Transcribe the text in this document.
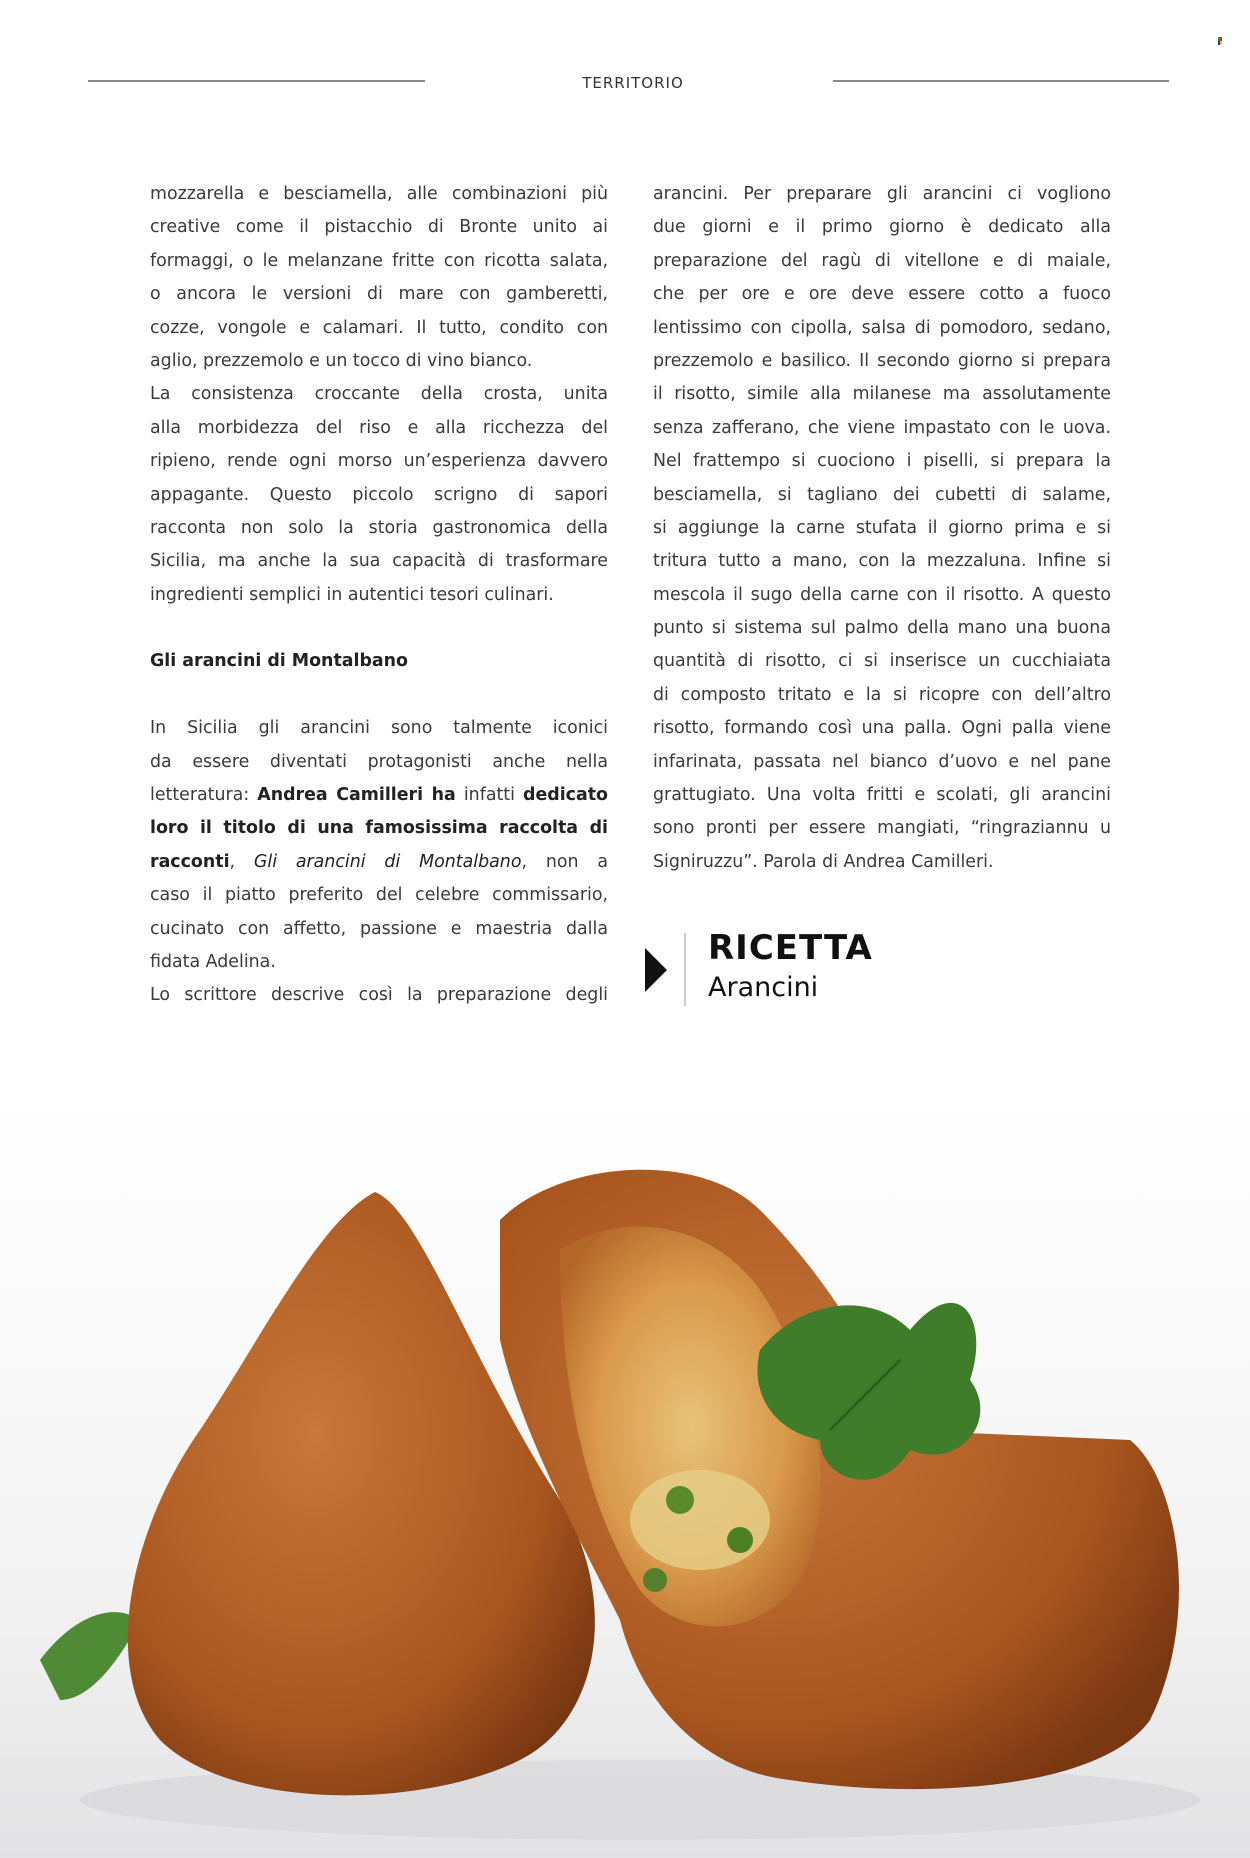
TERRITORIO
mozzarella e besciamella, alle combinazioni più
creative come il pistacchio di Bronte unito ai
formaggi, o le melanzane fritte con ricotta salata,
o ancora le versioni di mare con gamberetti,
cozze, vongole e calamari. Il tutto, condito con
aglio, prezzemolo e un tocco di vino bianco.
La consistenza croccante della crosta, unita
alla morbidezza del riso e alla ricchezza del
ripieno, rende ogni morso un’esperienza davvero
appagante. Questo piccolo scrigno di sapori
racconta non solo la storia gastronomica della
Sicilia, ma anche la sua capacità di trasformare
ingredienti semplici in autentici tesori culinari.
Gli arancini di Montalbano
In Sicilia gli arancini sono talmente iconici
da essere diventati protagonisti anche nella
letteratura: Andrea Camilleri ha infatti dedicato
loro il titolo di una famosissima raccolta di
racconti, Gli arancini di Montalbano, non a
caso il piatto preferito del celebre commissario,
cucinato con affetto, passione e maestria dalla
fidata Adelina.
Lo scrittore descrive così la preparazione degli
arancini. Per preparare gli arancini ci vogliono
due giorni e il primo giorno è dedicato alla
preparazione del ragù di vitellone e di maiale,
che per ore e ore deve essere cotto a fuoco
lentissimo con cipolla, salsa di pomodoro, sedano,
prezzemolo e basilico. Il secondo giorno si prepara
il risotto, simile alla milanese ma assolutamente
senza zafferano, che viene impastato con le uova.
Nel frattempo si cuociono i piselli, si prepara la
besciamella, si tagliano dei cubetti di salame,
si aggiunge la carne stufata il giorno prima e si
tritura tutto a mano, con la mezzaluna. Infine si
mescola il sugo della carne con il risotto. A questo
punto si sistema sul palmo della mano una buona
quantità di risotto, ci si inserisce un cucchiaiata
di composto tritato e la si ricopre con dell’altro
risotto, formando così una palla. Ogni palla viene
infarinata, passata nel bianco d’uovo e nel pane
grattugiato. Una volta fritti e scolati, gli arancini
sono pronti per essere mangiati, “ringraziannu u
Signiruzzu”. Parola di Andrea Camilleri.
RICETTA
Arancini
